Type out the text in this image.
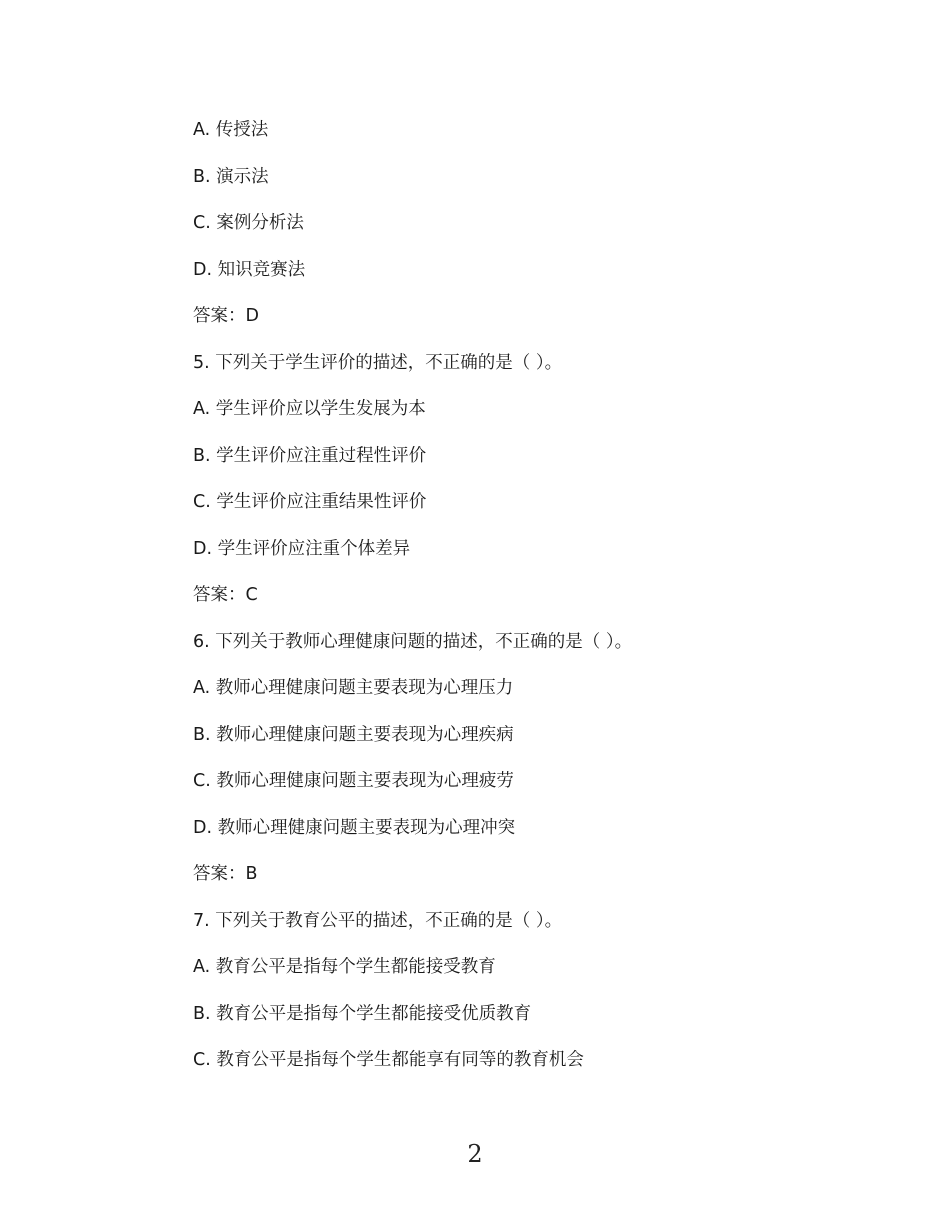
A. 传授法
B. 演示法
C. 案例分析法
D. 知识竞赛法
答案：D
5. 下列关于学生评价的描述，不正确的是（ ）。
A. 学生评价应以学生发展为本
B. 学生评价应注重过程性评价
C. 学生评价应注重结果性评价
D. 学生评价应注重个体差异
答案：C
6. 下列关于教师心理健康问题的描述，不正确的是（ ）。
A. 教师心理健康问题主要表现为心理压力
B. 教师心理健康问题主要表现为心理疾病
C. 教师心理健康问题主要表现为心理疲劳
D. 教师心理健康问题主要表现为心理冲突
答案：B
7. 下列关于教育公平的描述，不正确的是（ ）。
A. 教育公平是指每个学生都能接受教育
B. 教育公平是指每个学生都能接受优质教育
C. 教育公平是指每个学生都能享有同等的教育机会
2
